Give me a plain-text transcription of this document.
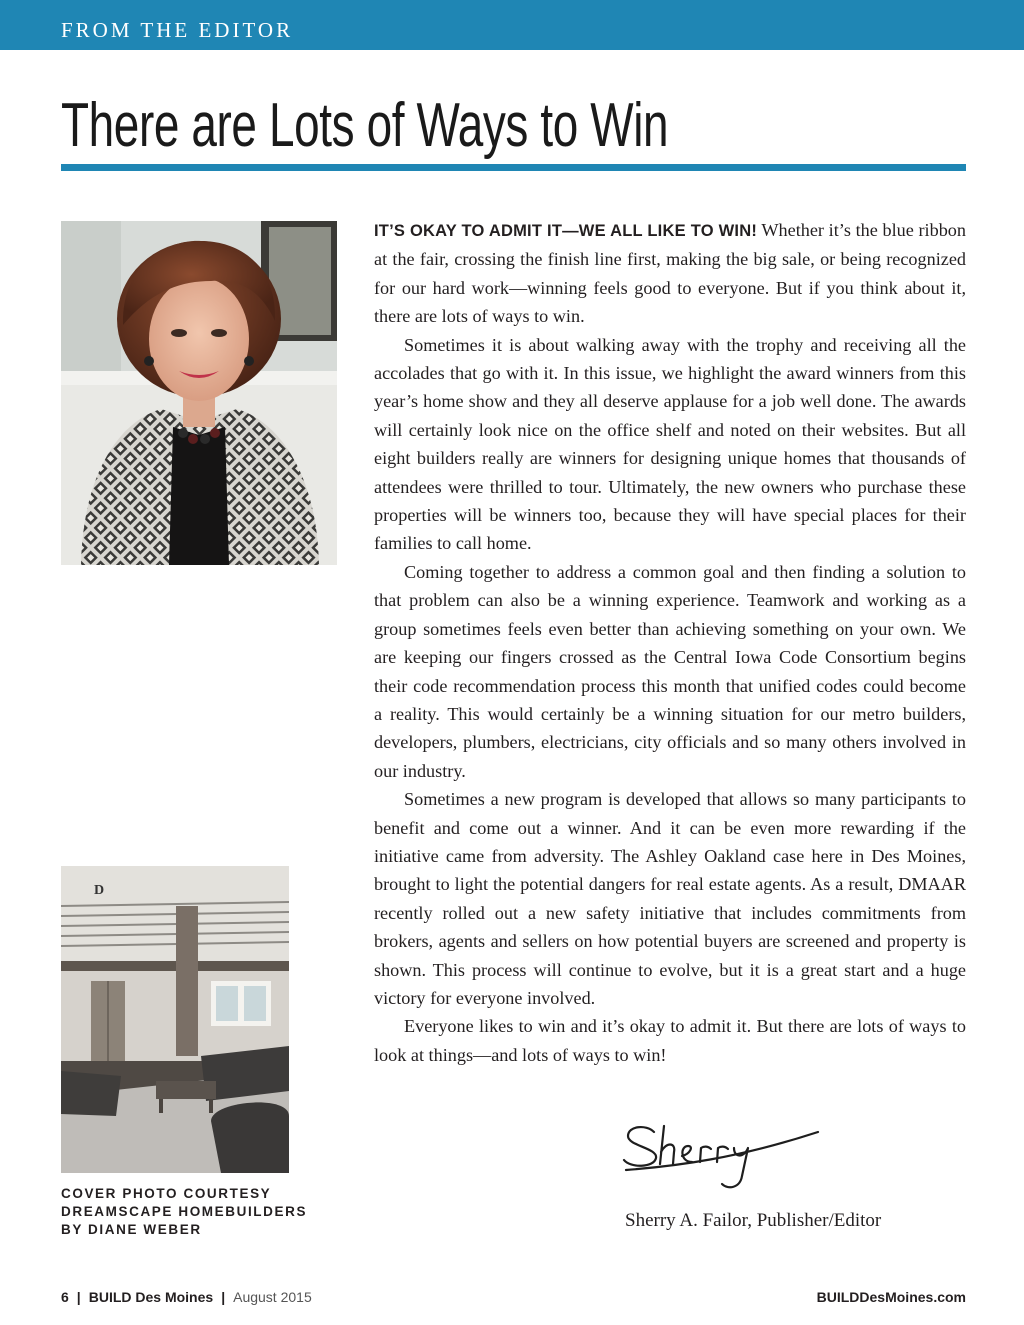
FROM THE EDITOR
There are Lots of Ways to Win
D
COVER PHOTO COURTESY
DREAMSCAPE HOMEBUILDERS
BY DIANE WEBER

IT’S OKAY TO ADMIT IT—WE ALL LIKE TO WIN! Whether it’s the blue ribbon at the fair, crossing the finish line first, making the big sale, or being recognized for our hard work—winning feels good to everyone. But if you think about it, there are lots of ways to win.

Sometimes it is about walking away with the trophy and receiving all the accolades that go with it. In this issue, we highlight the award winners from this year’s home show and they all deserve applause for a job well done. The awards will certainly look nice on the office shelf and noted on their websites. But all eight builders really are winners for designing unique homes that thousands of attendees were thrilled to tour. Ultimately, the new owners who purchase these properties will be winners too, because they will have special places for their families to call home.

Coming together to address a common goal and then finding a solution to that problem can also be a winning experience. Teamwork and working as a group sometimes feels even better than achieving something on your own. We are keeping our fingers crossed as the Central Iowa Code Consortium begins their code recommendation process this month that unified codes could become a reality. This would certainly be a winning situation for our metro builders, developers, plumbers, electricians, city officials and so many others involved in our industry.

Sometimes a new program is developed that allows so many participants to benefit and come out a winner. And it can be even more rewarding if the initiative came from adversity. The Ashley Oakland case here in Des Moines, brought to light the potential dangers for real estate agents. As a result, DMAAR recently rolled out a new safety initiative that includes commitments from brokers, agents and sellers on how potential buyers are screened and property is shown. This process will continue to evolve, but it is a great start and a huge victory for everyone involved.

Everyone likes to win and it’s okay to admit it. But there are lots of ways to look at things—and lots of ways to win!

Sherry A. Failor, Publisher/Editor
6 | BUILD Des Moines | August 2015	BUILDDesMoines.com
